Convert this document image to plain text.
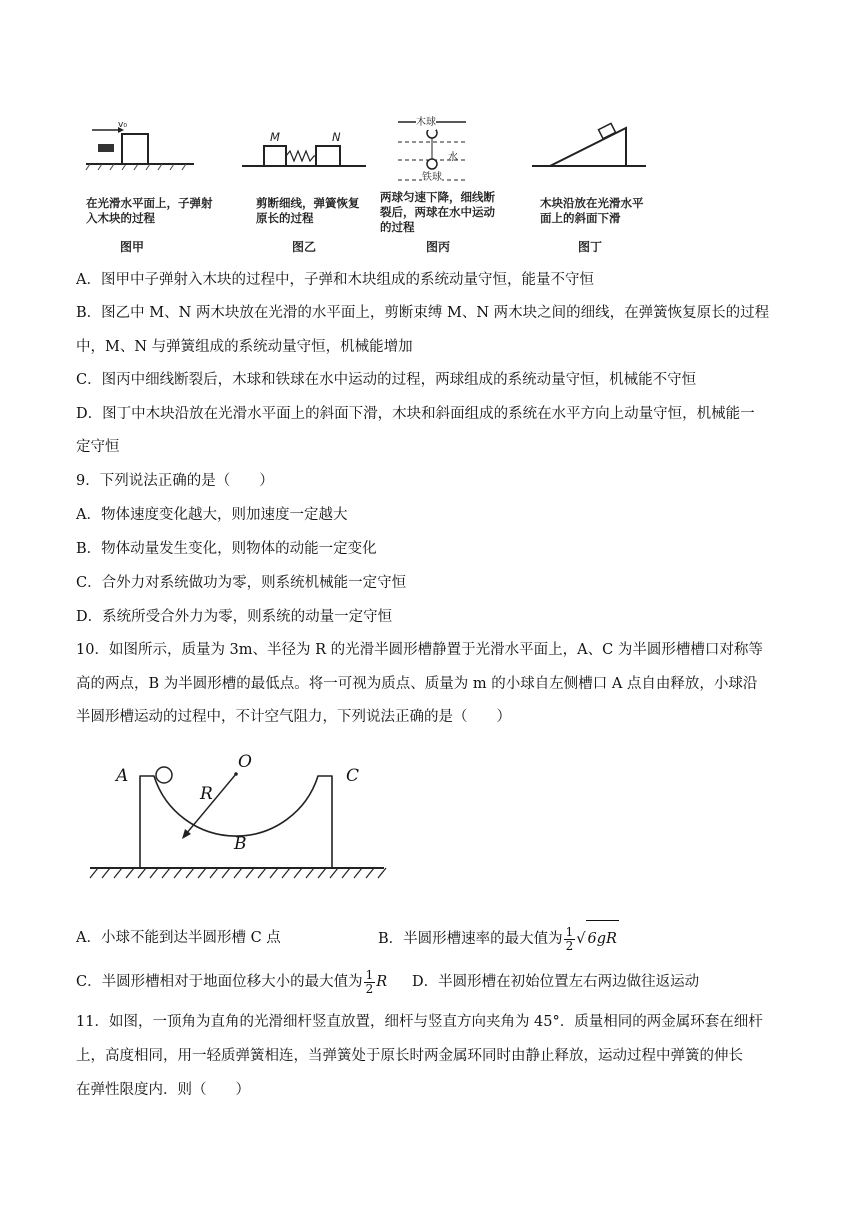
v₀
在光滑水平面上，子弹射入木块的过程
图甲
M	N
剪断细线，弹簧恢复原长的过程
图乙
木球
水
铁球
两球匀速下降，细线断裂后，两球在水中运动的过程
图丙
木块沿放在光滑水平面上的斜面下滑
图丁
A．图甲中子弹射入木块的过程中，子弹和木块组成的系统动量守恒，能量不守恒
B．图乙中 M、N 两木块放在光滑的水平面上，剪断束缚 M、N 两木块之间的细线，在弹簧恢复原长的过程
中，M、N 与弹簧组成的系统动量守恒，机械能增加
C．图丙中细线断裂后，木球和铁球在水中运动的过程，两球组成的系统动量守恒，机械能不守恒
D．图丁中木块沿放在光滑水平面上的斜面下滑，木块和斜面组成的系统在水平方向上动量守恒，机械能一
定守恒
9．下列说法正确的是（　　）
A．物体速度变化越大，则加速度一定越大
B．物体动量发生变化，则物体的动能一定变化
C．合外力对系统做功为零，则系统机械能一定守恒
D．系统所受合外力为零，则系统的动量一定守恒
10．如图所示，质量为 3m、半径为 R 的光滑半圆形槽静置于光滑水平面上，A、C 为半圆形槽槽口对称等
高的两点，B 为半圆形槽的最低点。将一可视为质点、质量为 m 的小球自左侧槽口 A 点自由释放，小球沿
半圆形槽运动的过程中，不计空气阻力，下列说法正确的是（　　）
A
O
R
B
C
A．小球不能到达半圆形槽 C 点	B．半圆形槽速率的最大值为 $\frac{1}{2}$ √ 6gR
C．半圆形槽相对于地面位移大小的最大值为 $\frac{1}{2}$ R D．半圆形槽在初始位置左右两边做往返运动
11．如图，一顶角为直角的光滑细杆竖直放置，细杆与竖直方向夹角为 45°．质量相同的两金属环套在细杆
上，高度相同，用一轻质弹簧相连，当弹簧处于原长时两金属环同时由静止释放，运动过程中弹簧的伸长
在弹性限度内．则（　　）
